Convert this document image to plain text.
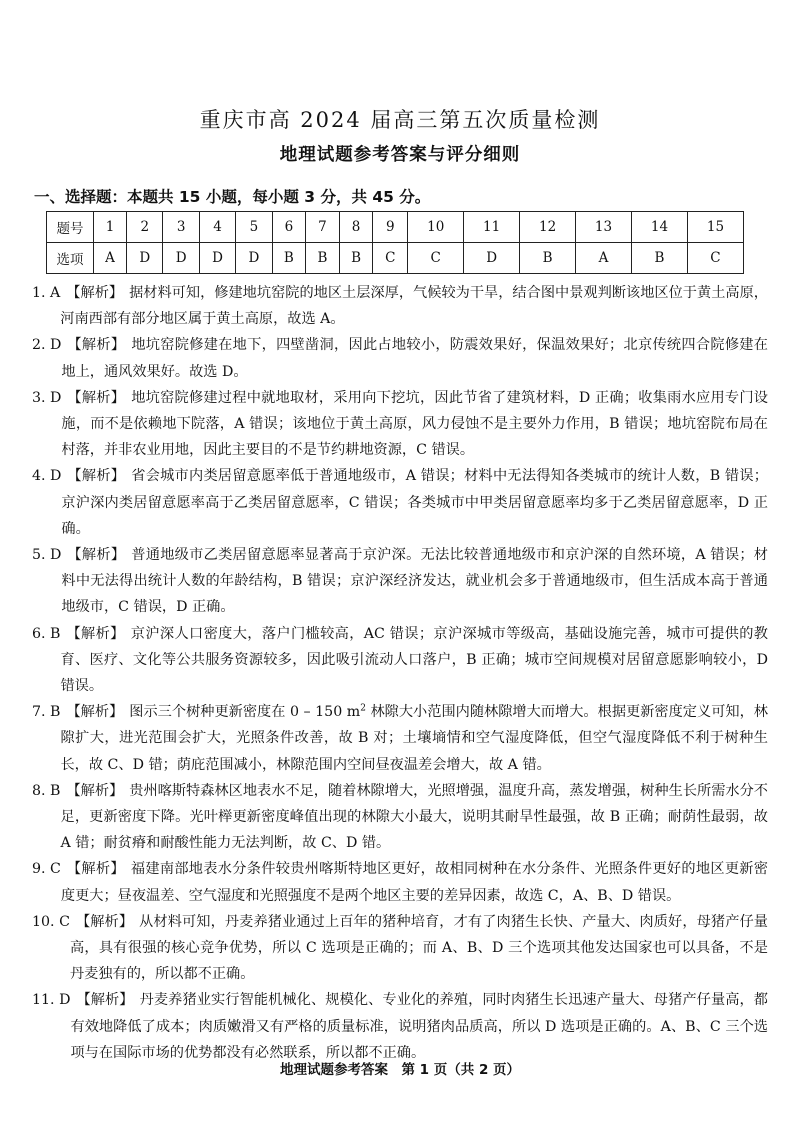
重庆市高 2024 届高三第五次质量检测
地理试题参考答案与评分细则
一、选择题：本题共 15 小题，每小题 3 分，共 45 分。
题号	1	2	3	4	5	6	7	8	9	10	11	12	13	14	15
选项	A	D	D	D	D	B	B	B	C	C	D	B	A	B	C
1. A 【解析】 据材料可知，修建地坑窑院的地区土层深厚，气候较为干旱，结合图中景观判断该地区位于黄土高原，河南西部有部分地区属于黄土高原，故选 A。
2. D 【解析】 地坑窑院修建在地下，四壁凿洞，因此占地较小，防震效果好，保温效果好；北京传统四合院修建在地上，通风效果好。故选 D。
3. D 【解析】 地坑窑院修建过程中就地取材，采用向下挖坑，因此节省了建筑材料，D 正确；收集雨水应用专门设施，而不是依赖地下院落，A 错误；该地位于黄土高原，风力侵蚀不是主要外力作用，B 错误；地坑窑院布局在村落，并非农业用地，因此主要目的不是节约耕地资源，C 错误。
4. D 【解析】 省会城市内类居留意愿率低于普通地级市，A 错误；材料中无法得知各类城市的统计人数，B 错误；京沪深内类居留意愿率高于乙类居留意愿率，C 错误；各类城市中甲类居留意愿率均多于乙类居留意愿率，D 正确。
5. D 【解析】 普通地级市乙类居留意愿率显著高于京沪深。无法比较普通地级市和京沪深的自然环境，A 错误；材料中无法得出统计人数的年龄结构，B 错误；京沪深经济发达，就业机会多于普通地级市，但生活成本高于普通地级市，C 错误，D 正确。
6. B 【解析】 京沪深人口密度大，落户门槛较高，AC 错误；京沪深城市等级高，基础设施完善，城市可提供的教育、医疗、文化等公共服务资源较多，因此吸引流动人口落户，B 正确；城市空间规模对居留意愿影响较小，D 错误。
7. B 【解析】 图示三个树种更新密度在 0 – 150 $m^2$ 林隙大小范围内随林隙增大而增大。根据更新密度定义可知，林隙扩大，进光范围会扩大，光照条件改善，故 B 对；土壤墒情和空气湿度降低，但空气湿度降低不利于树种生长，故 C、D 错；荫庇范围减小，林隙范围内空间昼夜温差会增大，故 A 错。
8. B 【解析】 贵州喀斯特森林区地表水不足，随着林隙增大，光照增强，温度升高，蒸发增强，树种生长所需水分不足，更新密度下降。光叶榉更新密度峰值出现的林隙大小最大，说明其耐旱性最强，故 B 正确；耐荫性最弱，故 A 错；耐贫瘠和耐酸性能力无法判断，故 C、D 错。
9. C 【解析】 福建南部地表水分条件较贵州喀斯特地区更好，故相同树种在水分条件、光照条件更好的地区更新密度更大；昼夜温差、空气湿度和光照强度不是两个地区主要的差异因素，故选 C，A、B、D 错误。
10. C 【解析】 从材料可知，丹麦养猪业通过上百年的猪种培育，才有了肉猪生长快、产量大、肉质好，母猪产仔量高，具有很强的核心竞争优势，所以 C 选项是正确的；而 A、B、D 三个选项其他发达国家也可以具备，不是丹麦独有的，所以都不正确。
11. D 【解析】 丹麦养猪业实行智能机械化、规模化、专业化的养殖，同时肉猪生长迅速产量大、母猪产仔量高，都有效地降低了成本；肉质嫩滑又有严格的质量标准，说明猪肉品质高，所以 D 选项是正确的。A、B、C 三个选项与在国际市场的优势都没有必然联系，所以都不正确。
地理试题参考答案　第 1 页（共 2 页）
